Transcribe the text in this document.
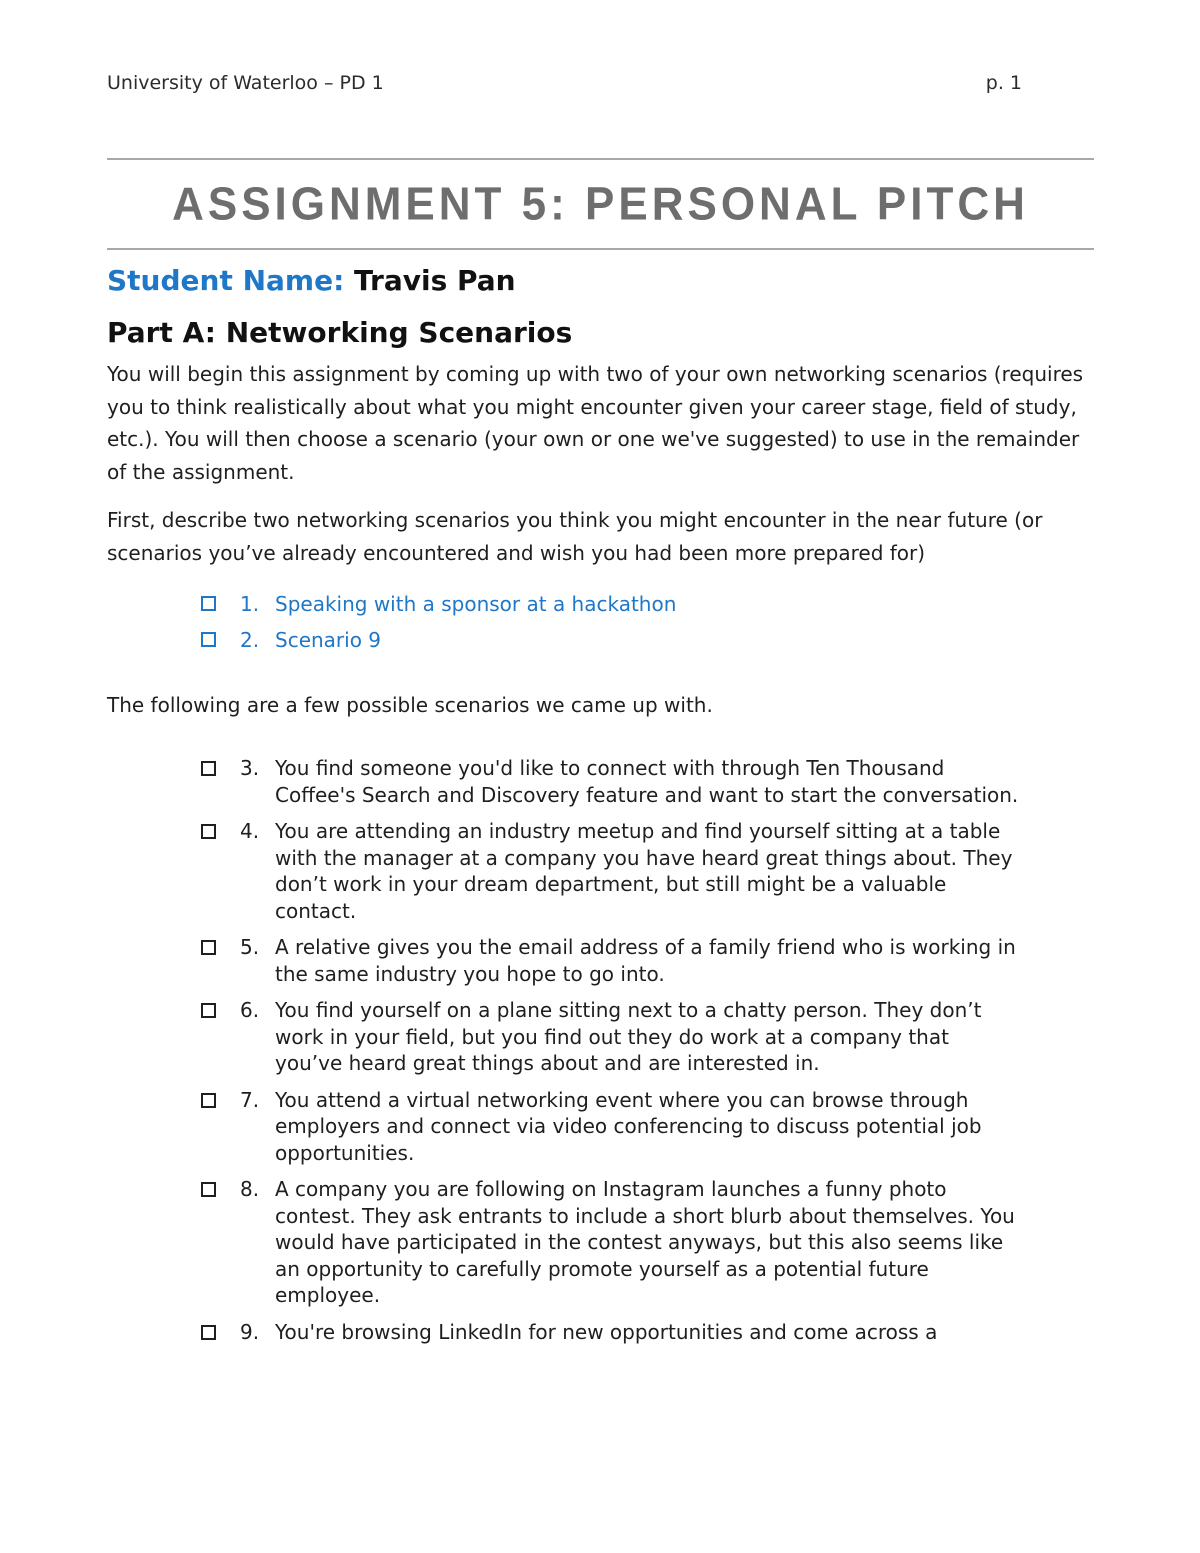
University of Waterloo – PD 1	p. 1
ASSIGNMENT 5: PERSONAL PITCH
Student Name: Travis Pan
Part A: Networking Scenarios
You will begin this assignment by coming up with two of your own networking scenarios (requires you to think realistically about what you might encounter given your career stage, field of study, etc.). You will then choose a scenario (your own or one we've suggested) to use in the remainder of the assignment.
First, describe two networking scenarios you think you might encounter in the near future (or scenarios you’ve already encountered and wish you had been more prepared for)
1. Speaking with a sponsor at a hackathon
2. Scenario 9
The following are a few possible scenarios we came up with.
3. You find someone you'd like to connect with through Ten Thousand Coffee's Search and Discovery feature and want to start the conversation.
4. You are attending an industry meetup and find yourself sitting at a table with the manager at a company you have heard great things about. They don’t work in your dream department, but still might be a valuable contact.
5. A relative gives you the email address of a family friend who is working in the same industry you hope to go into.
6. You find yourself on a plane sitting next to a chatty person. They don’t work in your field, but you find out they do work at a company that you’ve heard great things about and are interested in.
7. You attend a virtual networking event where you can browse through employers and connect via video conferencing to discuss potential job opportunities.
8. A company you are following on Instagram launches a funny photo contest. They ask entrants to include a short blurb about themselves. You would have participated in the contest anyways, but this also seems like an opportunity to carefully promote yourself as a potential future employee.
9. You're browsing LinkedIn for new opportunities and come across a
